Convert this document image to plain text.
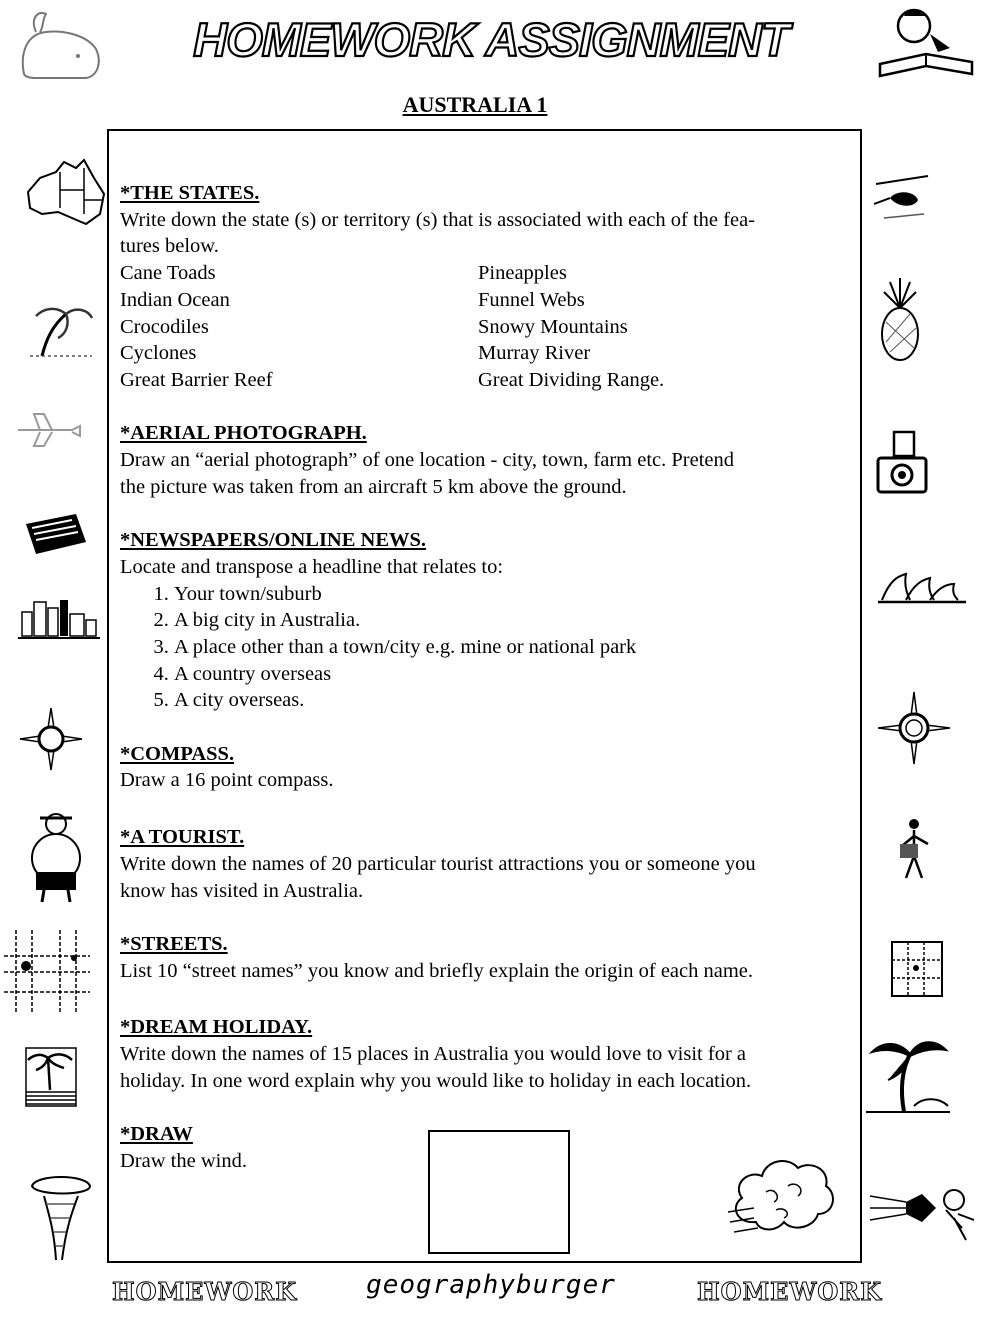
HOMEWORK ASSIGNMENT
AUSTRALIA 1
*THE STATES.
Write down the state (s) or territory (s) that is associated with each of the fea-
tures below.
Cane Toads
Indian Ocean
Crocodiles
Cyclones
Great Barrier Reef
Pineapples
Funnel Webs
Snowy Mountains
Murray River
Great Dividing Range.
*AERIAL PHOTOGRAPH.
Draw an “aerial photograph” of one location - city, town, farm etc. Pretend
the picture was taken from an aircraft 5 km above the ground.
*NEWSPAPERS/ONLINE NEWS.
Locate and transpose a headline that relates to:
1. Your town/suburb
2. A big city in Australia.
3. A place other than a town/city e.g. mine or national park
4. A country overseas
5. A city overseas.
*COMPASS.
Draw a 16 point compass.
*A TOURIST.
Write down the names of 20 particular tourist attractions you or someone you
know has visited in Australia.
*STREETS.
List 10 “street names” you know and briefly explain the origin of each name.
*DREAM HOLIDAY.
Write down the names of 15 places in Australia you would love to visit for a
holiday. In one word explain why you would like to holiday in each location.
*DRAW
Draw the wind.
HOMEWORK	geographyburger	HOMEWORK
